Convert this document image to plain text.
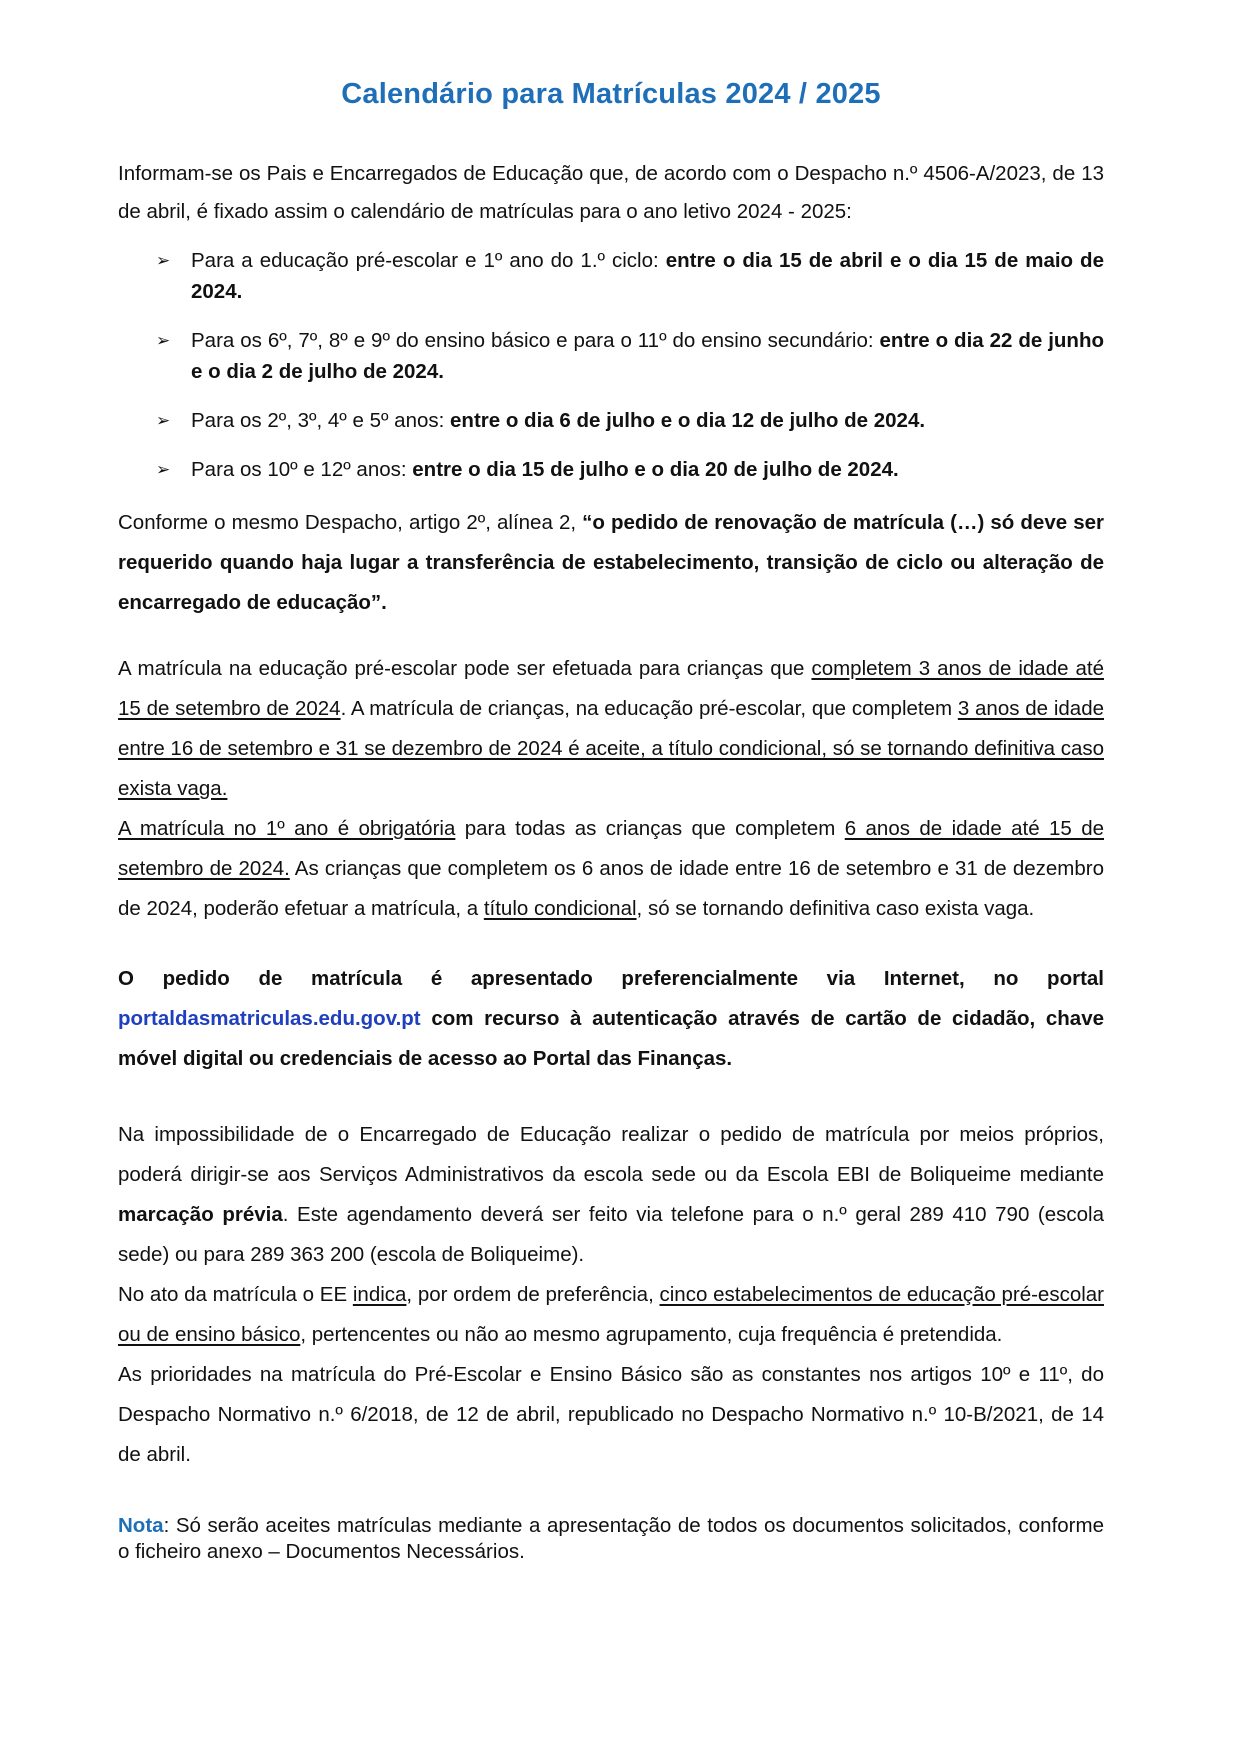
Calendário para Matrículas 2024 / 2025

Informam-se os Pais e Encarregados de Educação que, de acordo com o Despacho n.º 4506-A/2023, de 13 de abril, é fixado assim o calendário de matrículas para o ano letivo 2024 - 2025:

➢ Para a educação pré-escolar e 1º ano do 1.º ciclo: entre o dia 15 de abril e o dia 15 de maio de 2024.
➢ Para os 6º, 7º, 8º e 9º do ensino básico e para o 11º do ensino secundário: entre o dia 22 de junho e o dia 2 de julho de 2024.
➢ Para os 2º, 3º, 4º e 5º anos: entre o dia 6 de julho e o dia 12 de julho de 2024.
➢ Para os 10º e 12º anos: entre o dia 15 de julho e o dia 20 de julho de 2024.

Conforme o mesmo Despacho, artigo 2º, alínea 2, “o pedido de renovação de matrícula (…) só deve ser requerido quando haja lugar a transferência de estabelecimento, transição de ciclo ou alteração de encarregado de educação”.

A matrícula na educação pré-escolar pode ser efetuada para crianças que completem 3 anos de idade até 15 de setembro de 2024. A matrícula de crianças, na educação pré-escolar, que completem 3 anos de idade entre 16 de setembro e 31 se dezembro de 2024 é aceite, a título condicional, só se tornando definitiva caso exista vaga.

A matrícula no 1º ano é obrigatória para todas as crianças que completem 6 anos de idade até 15 de setembro de 2024. As crianças que completem os 6 anos de idade entre 16 de setembro e 31 de dezembro de 2024, poderão efetuar a matrícula, a título condicional, só se tornando definitiva caso exista vaga.

O pedido de matrícula é apresentado preferencialmente via Internet, no portal portaldasmatriculas.edu.gov.pt com recurso à autenticação através de cartão de cidadão, chave móvel digital ou credenciais de acesso ao Portal das Finanças.

Na impossibilidade de o Encarregado de Educação realizar o pedido de matrícula por meios próprios, poderá dirigir-se aos Serviços Administrativos da escola sede ou da Escola EBI de Boliqueime mediante marcação prévia. Este agendamento deverá ser feito via telefone para o n.º geral 289 410 790 (escola sede) ou para 289 363 200 (escola de Boliqueime).

No ato da matrícula o EE indica, por ordem de preferência, cinco estabelecimentos de educação pré-escolar ou de ensino básico, pertencentes ou não ao mesmo agrupamento, cuja frequência é pretendida.

As prioridades na matrícula do Pré-Escolar e Ensino Básico são as constantes nos artigos 10º e 11º, do Despacho Normativo n.º 6/2018, de 12 de abril, republicado no Despacho Normativo n.º 10-B/2021, de 14 de abril.

Nota: Só serão aceites matrículas mediante a apresentação de todos os documentos solicitados, conforme o ficheiro anexo – Documentos Necessários.
